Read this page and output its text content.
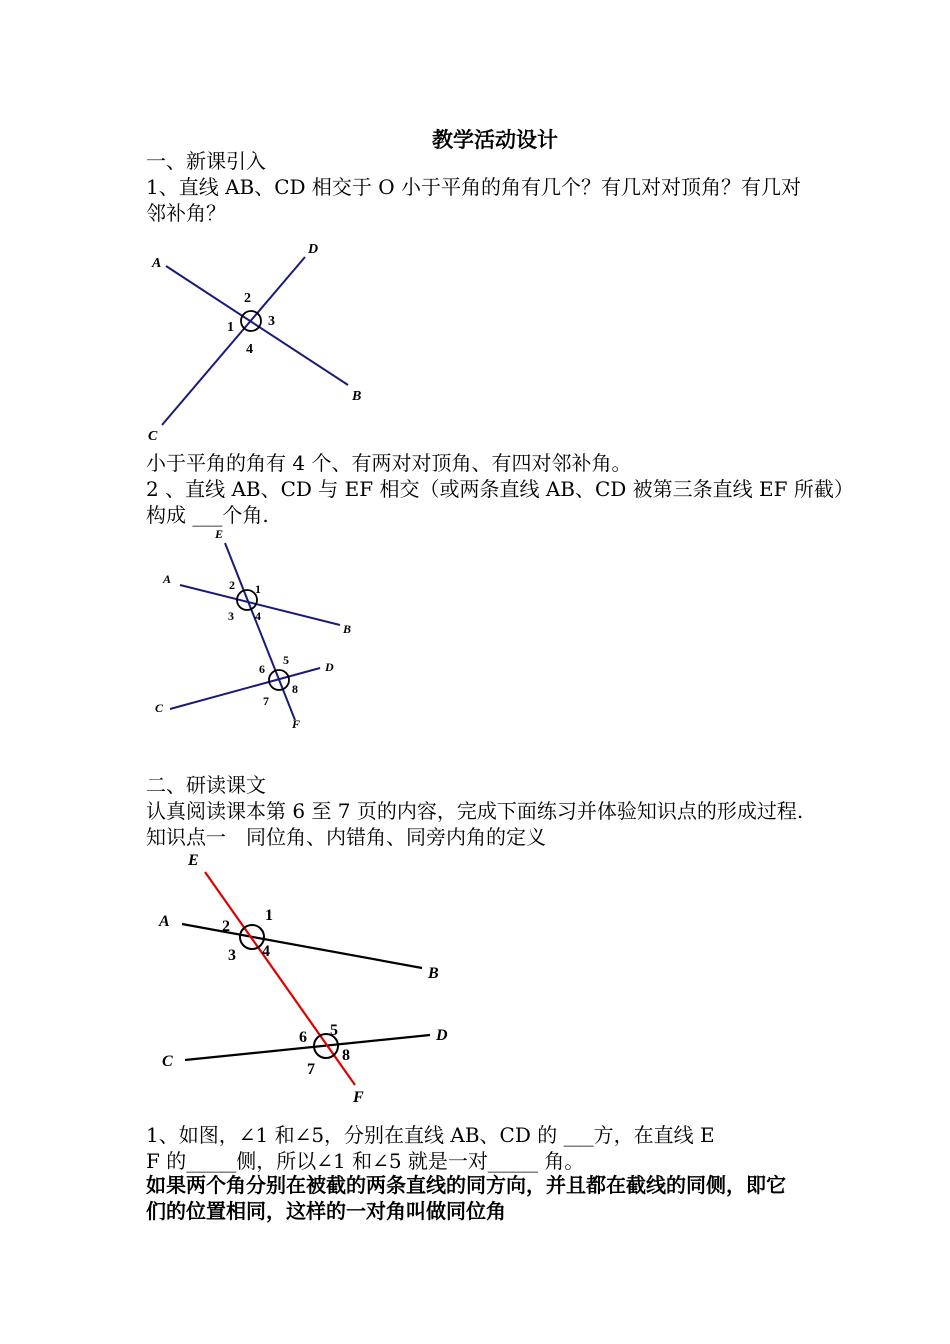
教学活动设计
一、新课引入
1、直线 AB、CD 相交于 O 小于平角的角有几个？有几对对顶角？有几对
邻补角？
A
B
C
D
1
2
3
4
小于平角的角有 4 个、有两对对顶角、有四对邻补角。
2 、直线 AB、CD 与 EF 相交（或两条直线 AB、CD 被第三条直线 EF 所截）
构成 ___个角.
A
B
C
D
E
F
1
2
3 4
5
6
7
8
二、研读课文
认真阅读课本第 6 至 7 页的内容，完成下面练习并体验知识点的形成过程.
知识点一　同位角、内错角、同旁内角的定义
A
B
C
D
E
F
1
2
3 4
5
6
7
8
1、如图，∠1 和∠5，分别在直线 AB、CD 的 ___方，在直线 E
F 的_____侧，所以∠1 和∠5 就是一对_____ 角。
如果两个角分别在被截的两条直线的同方向，并且都在截线的同侧，即它
们的位置相同，这样的一对角叫做同位角
